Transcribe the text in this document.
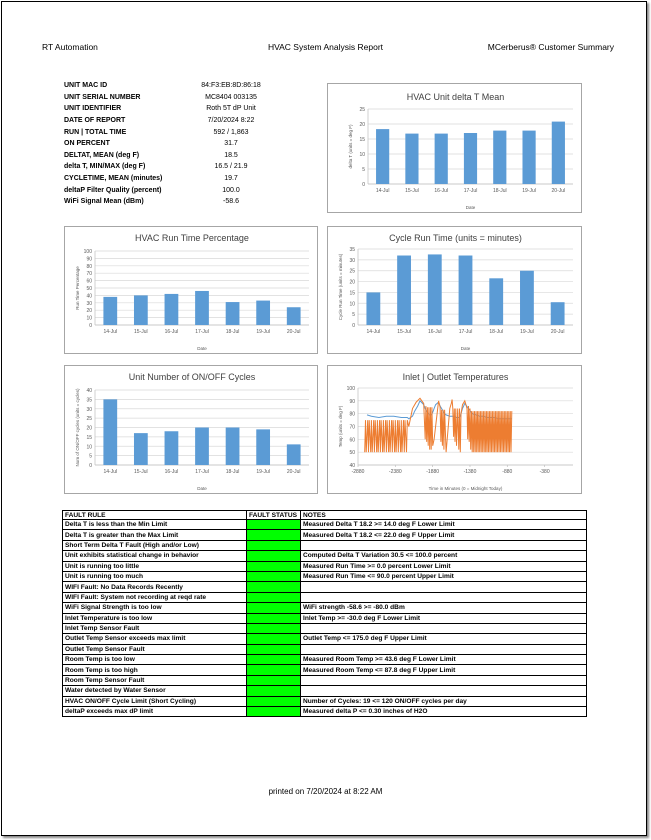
RT Automation	HVAC System Analysis Report	MCerberus® Customer Summary
UNIT MAC ID	84:F3:EB:8D:86:18
UNIT SERIAL NUMBER	MC8404 003135
UNIT IDENTIFIER	Roth 5T dP Unit
DATE OF REPORT	7/20/2024 8:22
RUN | TOTAL TIME	592 / 1,863
ON PERCENT	31.7
DELTAT, MEAN (deg F)	18.5
delta T, MIN/MAX (deg F)	16.5 / 21.9
CYCLETIME, MEAN (minutes)	19.7
deltaP Filter Quality (percent)	100.0
WiFi Signal Mean (dBm)	-58.6
HVAC Unit delta T Mean
0
5
10
15
20
25
delta T (units = deg F)
Date
14-Jul	15-Jul	16-Jul	17-Jul	18-Jul	19-Jul	20-Jul
HVAC Run Time Percentage
0
10
20
30
40
50
60
70
80
90
100
Run Time Percentage
Date
14-Jul	15-Jul	16-Jul	17-Jul	18-Jul	19-Jul	20-Jul
Cycle Run Time (units = minutes)
0
5
10
15
20
25
30
35
Cycle Run Time (units = minutes)
Date
14-Jul	15-Jul	16-Jul	17-Jul	18-Jul	19-Jul	20-Jul
Unit Number of ON/OFF Cycles
0
5
10
15
20
25
30
35
40
Num of ON/OFF cycles (units = cycles)
Date
14-Jul	15-Jul	16-Jul	17-Jul	18-Jul	19-Jul	20-Jul
Inlet | Outlet Temperatures
40
50
60
70
80
90
100
Temp (units = deg F)
Time in Minutes (0 = Midnight Today)
-2880	-2380	-1880	-1380	-880	-380
FAULT RULE	FAULT STATUS	NOTES
Delta T is less than the Min Limit		Measured Delta T 18.2 >= 14.0 deg F Lower Limit
Delta T is greater than the Max Limit		Measured Delta T 18.2 <= 22.0 deg F Upper Limit
Short Term Delta T Fault (High and/or Low)		
Unit exhibits statistical change in behavior		Computed Delta T Variation 30.5 <= 100.0 percent
Unit is running too little		Measured Run Time >= 0.0 percent Lower Limit
Unit is running too much		Measured Run Time <= 90.0 percent Upper Limit
WIFI Fault: No Data Records Recently		
WIFI Fault: System not recording at reqd rate		
WiFi Signal Strength is too low		WiFi strength -58.6 >= -80.0 dBm
Inlet Temperature is too low		Inlet Temp >= -30.0 deg F Lower Limit
Inlet Temp Sensor Fault		
Outlet Temp Sensor exceeds max limit		Outlet Temp <= 175.0 deg F Upper Limit
Outlet Temp Sensor Fault		
Room Temp is too low		Measured Room Temp >= 43.6 deg F Lower Limit
Room Temp is too high		Measured Room Temp <= 87.8 deg F Upper Limit
Room Temp Sensor Fault		
Water detected by Water Sensor		
HVAC ON/OFF Cycle Limit (Short Cycling)		Number of Cycles: 19 <= 120 ON/OFF cycles per day
deltaP exceeds max dP limit		Measured delta P <= 0.30 inches of H2O
printed on 7/20/2024 at 8:22 AM
